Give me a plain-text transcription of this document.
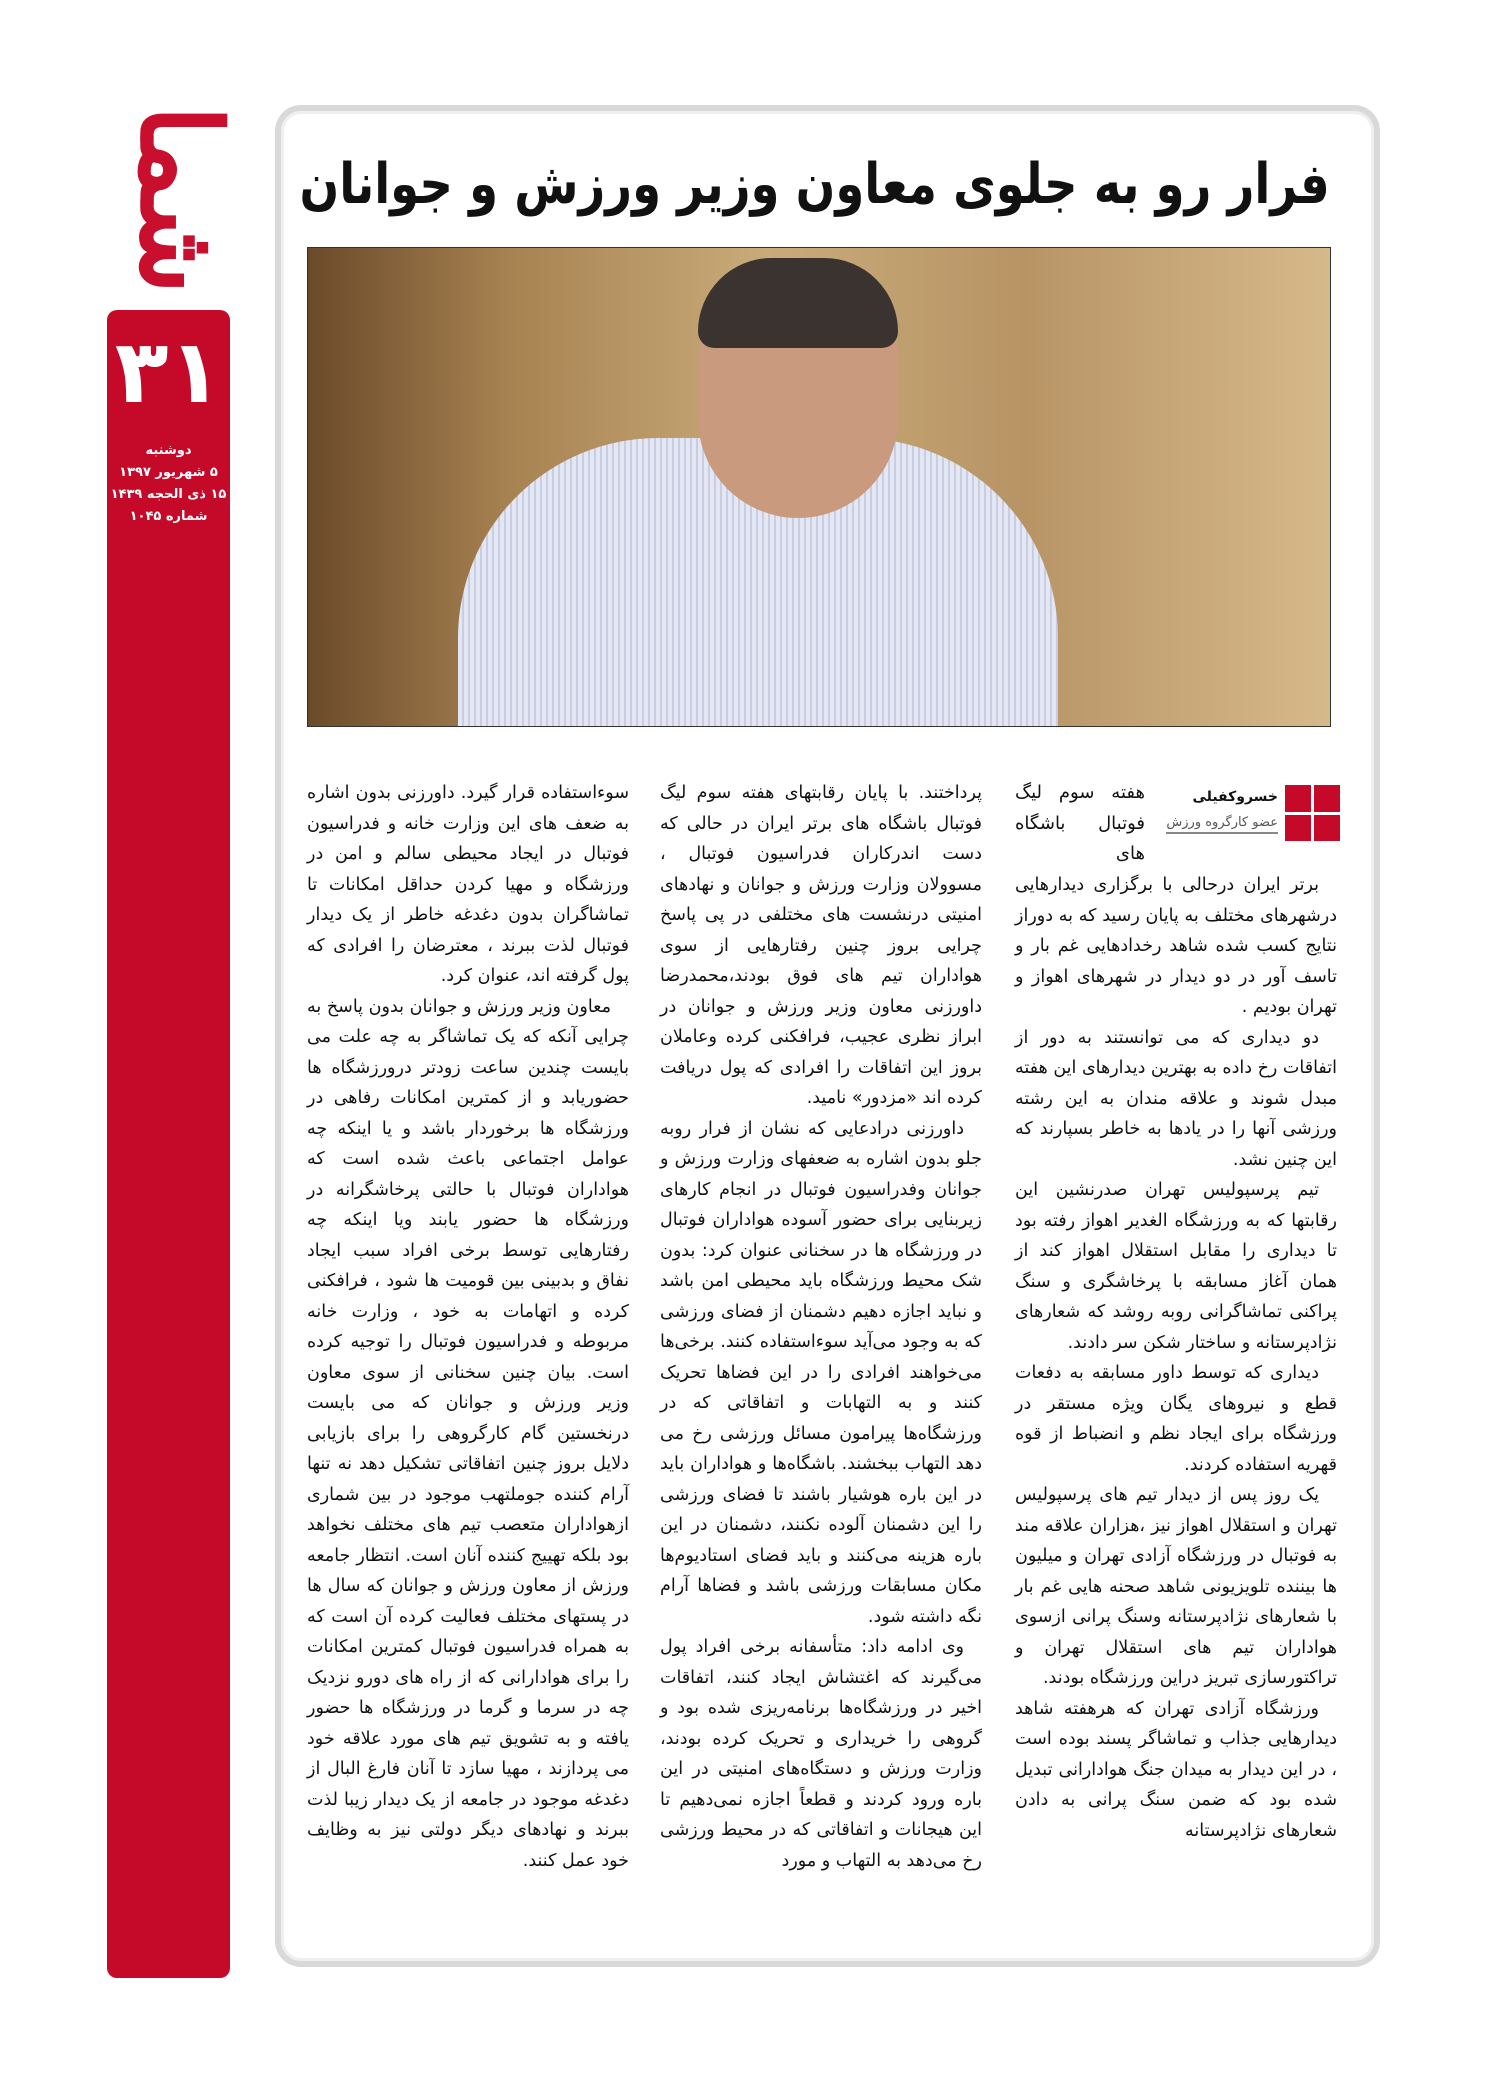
شما
۳۱
دوشنبه
۵ شهریور ۱۳۹۷
۱۵ ذی الحجه ۱۴۳۹
شماره ۱۰۴۵
فرار رو به جلوی معاون وزیر ورزش و جوانان
خسروکفیلی
عضو کارگروه ورزش
هفته سوم لیگ فوتبال باشگاه های

برتر ایران درحالی با برگزاری دیدارهایی درشهرهای مختلف به پایان رسید که به دوراز نتایج کسب شده شاهد رخدادهایی غم بار و تاسف آور در دو دیدار در شهرهای اهواز و تهران بودیم .

دو دیداری که می توانستند به دور از اتفاقات رخ داده به بهترین دیدارهای این هفته مبدل شوند و علاقه مندان به این رشته ورزشی آنها را در یادها به خاطر بسپارند که این چنین نشد.

تیم پرسپولیس تهران صدرنشین این رقابتها که به ورزشگاه الغدیر اهواز رفته بود تا دیداری را مقابل استقلال اهواز کند از همان آغاز مسابقه با پرخاشگری و سنگ پراکنی تماشاگرانی روبه روشد که شعارهای نژادپرستانه و ساختار شکن سر دادند.

دیداری که توسط داور مسابقه به دفعات قطع و نیروهای یگان ویژه مستقر در ورزشگاه برای ایجاد نظم و انضباط از قوه قهریه استفاده کردند.

یک روز پس از دیدار تیم های پرسپولیس تهران و استقلال اهواز نیز ،هزاران علاقه مند به فوتبال در ورزشگاه آزادی تهران و میلیون ها بیننده تلویزیونی شاهد صحنه هایی غم بار با شعارهای نژادپرستانه وسنگ پرانی ازسوی هواداران تیم های استقلال تهران و تراکتورسازی تبریز دراین ورزشگاه بودند.

ورزشگاه آزادی تهران که هرهفته شاهد دیدارهایی جذاب و تماشاگر پسند بوده است ، در این دیدار به میدان جنگ هوادارانی تبدیل شده بود که ضمن سنگ پرانی به دادن شعارهای نژادپرستانه

پرداختند. با پایان رقابتهای هفته سوم لیگ فوتبال باشگاه های برتر ایران در حالی که دست اندرکاران فدراسیون فوتبال ، مسوولان وزارت ورزش و جوانان و نهادهای امنیتی درنشست های مختلفی در پی پاسخ چرایی بروز چنین رفتارهایی از سوی هواداران تیم های فوق بودند،محمدرضا داورزنی معاون وزیر ورزش و جوانان در ابراز نظری عجیب، فرافکنی کرده وعاملان بروز این اتفاقات را افرادی که پول دریافت کرده اند «مزدور» نامید.

داورزنی درادعایی که نشان از فرار روبه جلو بدون اشاره به ضعفهای وزارت ورزش و جوانان وفدراسیون فوتبال در انجام کارهای زیربنایی برای حضور آسوده هواداران فوتبال در ورزشگاه ها در سخنانی عنوان کرد: بدون شک محیط ورزشگاه باید محیطی امن باشد و نباید اجازه دهیم دشمنان از فضای ورزشی که به وجود می‌آید سوءاستفاده کنند. برخی‌ها می‌خواهند افرادی را در این فضاها تحریک کنند و به التهابات و اتفاقاتی که در ورزشگاه‌ها پیرامون مسائل ورزشی رخ می دهد التهاب ببخشند. باشگاه‌ها و هواداران باید در این باره هوشیار باشند تا فضای ورزشی را این دشمنان آلوده نکنند، دشمنان در این باره هزینه می‌کنند و باید فضای استادیوم‌ها مکان مسابقات ورزشی باشد و فضاها آرام نگه داشته شود.

وی ادامه داد: متأسفانه برخی افراد پول می‌گیرند که اغتشاش ایجاد کنند، اتفاقات اخیر در ورزشگاه‌ها برنامه‌ریزی شده بود و گروهی را خریداری و تحریک کرده بودند، وزارت ورزش و دستگاه‌های امنیتی در این باره ورود کردند و قطعاً اجازه نمی‌دهیم تا این هیجانات و اتفاقاتی که در محیط ورزشی رخ می‌دهد به التهاب و مورد

سوءاستفاده قرار گیرد. داورزنی بدون اشاره به ضعف های این وزارت خانه و فدراسیون فوتبال در ایجاد محیطی سالم و امن در ورزشگاه و مهیا کردن حداقل امکانات تا تماشاگران بدون دغدغه خاطر از یک دیدار فوتبال لذت ببرند ، معترضان را افرادی که پول گرفته اند، عنوان کرد.

معاون وزیر ورزش و جوانان بدون پاسخ به چرایی آنکه که یک تماشاگر به چه علت می بایست چندین ساعت زودتر درورزشگاه ها حضوریابد و از کمترین امکانات رفاهی در ورزشگاه ها برخوردار باشد و یا اینکه چه عوامل اجتماعی باعث شده است که هواداران فوتبال با حالتی پرخاشگرانه در ورزشگاه ها حضور یابند ویا اینکه چه رفتارهایی توسط برخی افراد سبب ایجاد نفاق و بدبینی بین قومیت ها شود ، فرافکنی کرده و اتهامات به خود ، وزارت خانه مربوطه و فدراسیون فوتبال را توجیه کرده است. بیان چنین سخنانی از سوی معاون وزیر ورزش و جوانان که می بایست درنخستین گام کارگروهی را برای بازیابی دلایل بروز چنین اتفاقاتی تشکیل دهد نه تنها آرام کننده جوملتهب موجود در بین شماری ازهواداران متعصب تیم های مختلف نخواهد بود بلکه تهییج کننده آنان است. انتظار جامعه ورزش از معاون ورزش و جوانان که سال ها در پستهای مختلف فعالیت کرده آن است که به همراه فدراسیون فوتبال کمترین امکانات را برای هوادارانی که از راه های دورو نزدیک چه در سرما و گرما در ورزشگاه ها حضور یافته و به تشویق تیم های مورد علاقه خود می پردازند ، مهیا سازد تا آنان فارغ البال از دغدغه موجود در جامعه از یک دیدار زیبا لذت ببرند و نهادهای دیگر دولتی نیز به وظایف خود عمل کنند.
